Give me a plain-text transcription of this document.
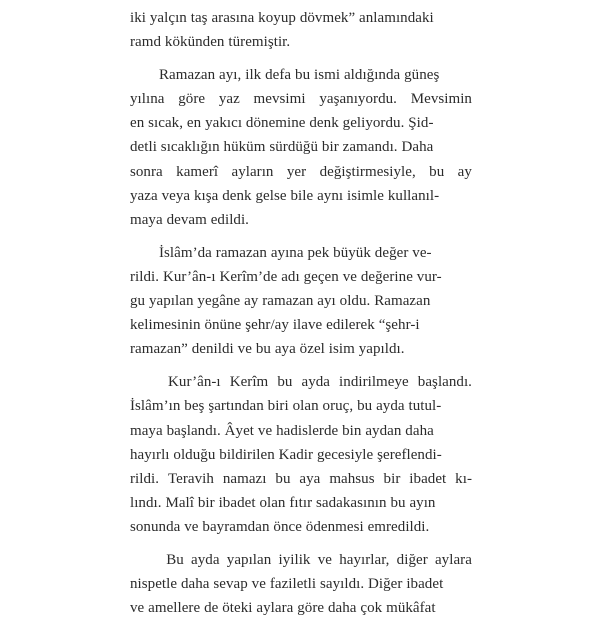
iki yalçın taş arasına koyup dövmek” anlamındaki
ramd kökünden türemiştir.

Ramazan ayı, ilk defa bu ismi aldığında güneş
yılına göre yaz mevsimi yaşanıyordu. Mevsimin
en sıcak, en yakıcı dönemine denk geliyordu. Şid-
detli sıcaklığın hüküm sürdüğü bir zamandı. Daha
sonra kamerî ayların yer değiştirmesiyle, bu ay
yaza veya kışa denk gelse bile aynı isimle kullanıl-
maya devam edildi.

İslâm’da ramazan ayına pek büyük değer ve-
rildi. Kur’ân-ı Kerîm’de adı geçen ve değerine vur-
gu yapılan yegâne ay ramazan ayı oldu. Ramazan
kelimesinin önüne şehr/ay ilave edilerek “şehr-i
ramazan” denildi ve bu aya özel isim yapıldı.

Kur’ân-ı Kerîm bu ayda indirilmeye başlandı.
İslâm’ın beş şartından biri olan oruç, bu ayda tutul-
maya başlandı. Âyet ve hadislerde bin aydan daha
hayırlı olduğu bildirilen Kadir gecesiyle şereflendi-
rildi. Teravih namazı bu aya mahsus bir ibadet kı-
lındı. Malî bir ibadet olan fıtır sadakasının bu ayın
sonunda ve bayramdan önce ödenmesi emredildi.

Bu ayda yapılan iyilik ve hayırlar, diğer aylara
nispetle daha sevap ve faziletli sayıldı. Diğer ibadet
ve amellere de öteki aylara göre daha çok mükâfat
